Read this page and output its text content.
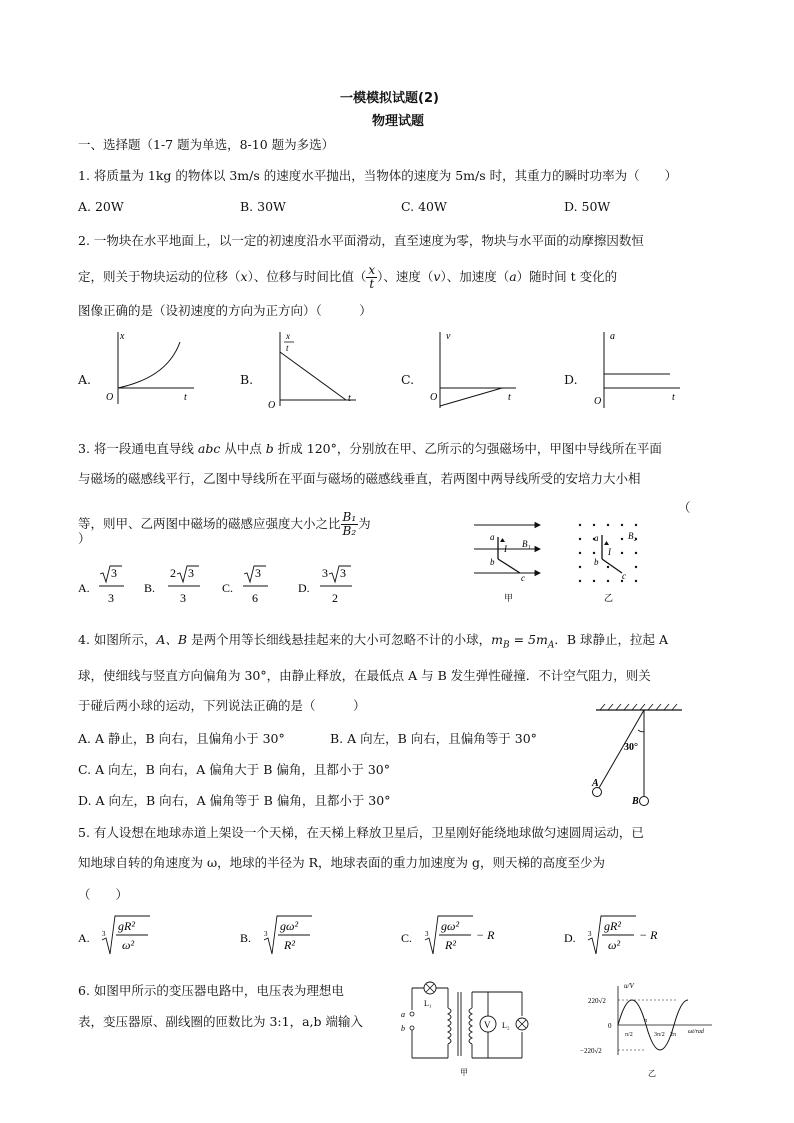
一模模拟试题(2)
物理试题
一、选择题（1-7 题为单选，8-10 题为多选）
1. 将质量为 1kg 的物体以 3m/s 的速度水平抛出，当物体的速度为 5m/s 时，其重力的瞬时功率为（　　）
A. 20W	B. 30W	C. 40W	D. 50W
2. 一物块在水平地面上，以一定的初速度沿水平面滑动，直至速度为零，物块与水平面的动摩擦因数恒
定，则关于物块运动的位移（x）、位移与时间比值（ $\frac{x}{t}$ ）、速度（v）、加速度（a）随时间 t 变化的
图像正确的是（设初速度的方向为正方向）（　　　）
A.	B.	C.	D.
x
t
O
x
t
t
O
v
t
O
a
t
O
3. 将一段通电直导线 abc 从中点 b 折成 120°，分别放在甲、乙所示的匀强磁场中，甲图中导线所在平面
与磁场的磁感线平行，乙图中导线所在平面与磁场的磁感线垂直，若两图中两导线所受的安培力大小相
（
等，则甲、乙两图中磁场的磁感应强度大小之比 $\frac{\text{B₁}}{\text{B₂}}$ 为
）
A.
3
3
B.
2 3
3
C.
3
6
D.
3 3
2
a
b
c
I B₁
甲
a
b
c
I
B₂
乙
4. 如图所示，A、B 是两个用等长细线悬挂起来的大小可忽略不计的小球，$m_B = 5m_A$．B 球静止，拉起 A
球，使细线与竖直方向偏角为 30°，由静止释放，在最低点 A 与 B 发生弹性碰撞．不计空气阻力，则关
于碰后两小球的运动，下列说法正确的是（　　　）
A. A 静止，B 向右，且偏角小于 30°	B. A 向左，B 向右，且偏角等于 30°
C. A 向左，B 向右，A 偏角大于 B 偏角，且都小于 30°
D. A 向左，B 向右，A 偏角等于 B 偏角，且都小于 30°
30°
A
B
5. 有人设想在地球赤道上架设一个天梯，在天梯上释放卫星后，卫星刚好能绕地球做匀速圆周运动，已
知地球自转的角速度为 ω，地球的半径为 R，地球表面的重力加速度为 g，则天梯的高度至少为
（　　）
A. 3
gR²
ω²	B. 3
gω²
R²	C. 3
gω²
R²
− R	D. 3
gR²
ω²
− R
6. 如图甲所示的变压器电路中，电压表为理想电
表，变压器原、副线圈的匝数比为 3:1，a,b 端输入
L₁
a
b	V L₂
甲
u/V
220√2
0
−220√2
π/2
π
3π/2 2π ωt/rad
乙
